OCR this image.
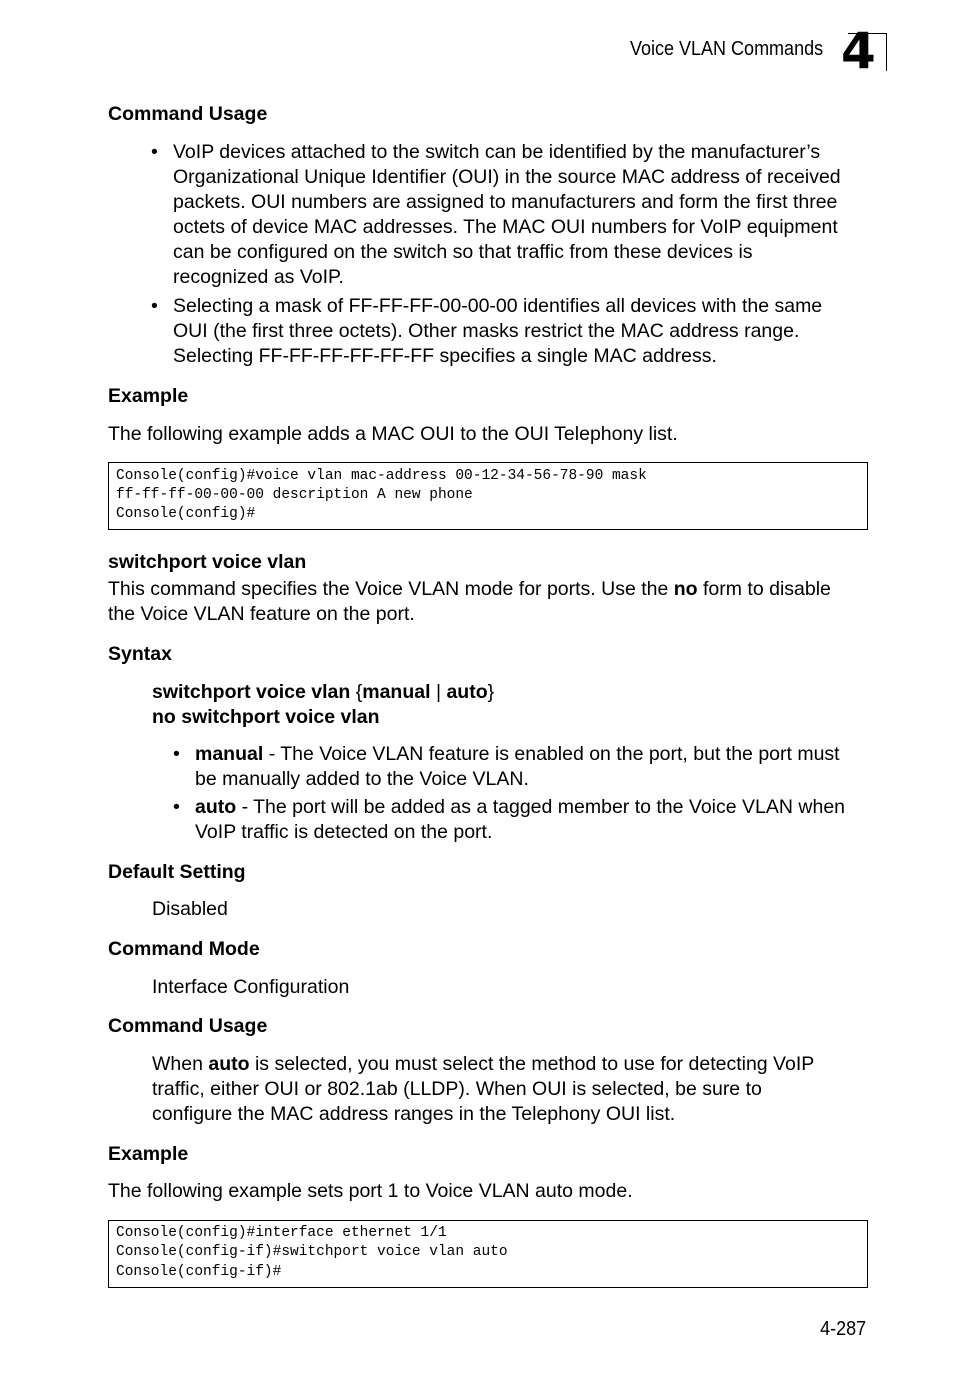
Voice VLAN Commands 4
Command Usage
• VoIP devices attached to the switch can be identified by the manufacturer’s
Organizational Unique Identifier (OUI) in the source MAC address of received
packets. OUI numbers are assigned to manufacturers and form the first three
octets of device MAC addresses. The MAC OUI numbers for VoIP equipment
can be configured on the switch so that traffic from these devices is
recognized as VoIP.
• Selecting a mask of FF-FF-FF-00-00-00 identifies all devices with the same
OUI (the first three octets). Other masks restrict the MAC address range.
Selecting FF-FF-FF-FF-FF-FF specifies a single MAC address.
Example
The following example adds a MAC OUI to the OUI Telephony list.
Console(config)#voice vlan mac-address 00-12-34-56-78-90 mask
ff-ff-ff-00-00-00 description A new phone
Console(config)#
switchport voice vlan
This command specifies the Voice VLAN mode for ports. Use the no form to disable
the Voice VLAN feature on the port.
Syntax
switchport voice vlan {manual | auto}
no switchport voice vlan
• manual - The Voice VLAN feature is enabled on the port, but the port must
be manually added to the Voice VLAN.
• auto - The port will be added as a tagged member to the Voice VLAN when
VoIP traffic is detected on the port.
Default Setting
Disabled
Command Mode
Interface Configuration
Command Usage
When auto is selected, you must select the method to use for detecting VoIP
traffic, either OUI or 802.1ab (LLDP). When OUI is selected, be sure to
configure the MAC address ranges in the Telephony OUI list.
Example
The following example sets port 1 to Voice VLAN auto mode.
Console(config)#interface ethernet 1/1
Console(config-if)#switchport voice vlan auto
Console(config-if)#
4-287
